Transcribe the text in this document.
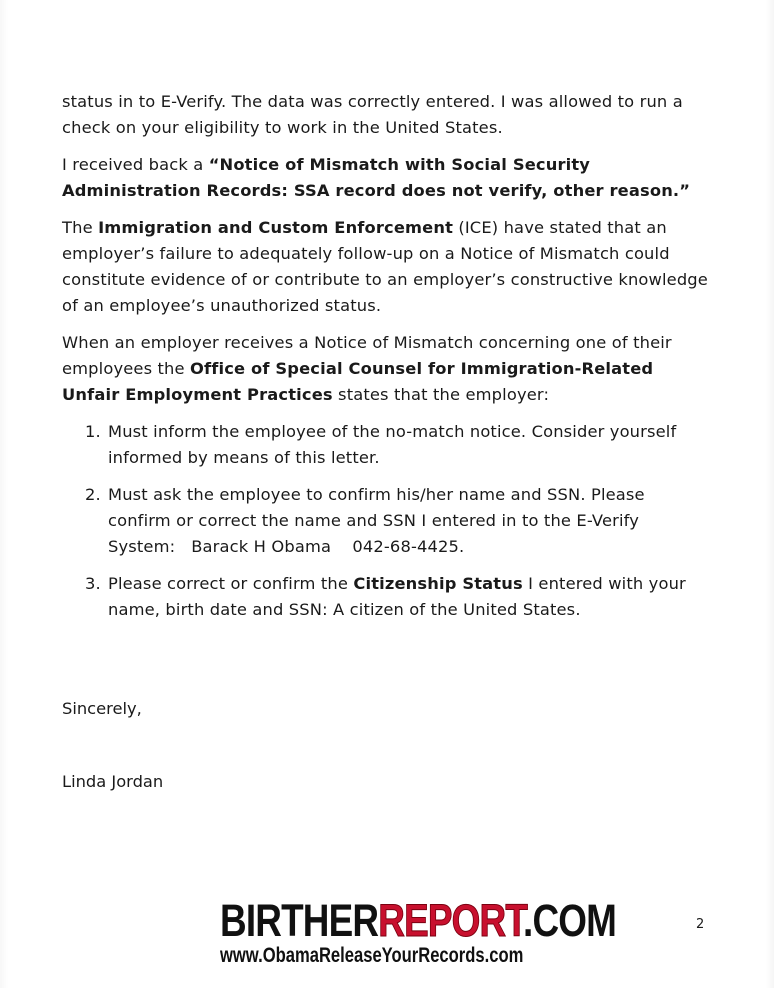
status in to E-Verify. The data was correctly entered. I was allowed to run a check on your eligibility to work in the United States.

I received back a “Notice of Mismatch with Social Security Administration Records: SSA record does not verify, other reason.”

The Immigration and Custom Enforcement (ICE) have stated that an employer’s failure to adequately follow-up on a Notice of Mismatch could constitute evidence of or contribute to an employer’s constructive knowledge of an employee’s unauthorized status.

When an employer receives a Notice of Mismatch concerning one of their employees the Office of Special Counsel for Immigration-Related Unfair Employment Practices states that the employer:

1. Must inform the employee of the no-match notice. Consider yourself informed by means of this letter.
2. Must ask the employee to confirm his/her name and SSN. Please
confirm or correct the name and SSN I entered in to the E-Verify
System:   Barack H Obama    042-68-4425.
3. Please correct or confirm the Citizenship Status I entered with your name, birth date and SSN: A citizen of the United States.
Sincerely,
Linda Jordan
BIRTHERREPORT.COM
www.ObamaReleaseYourRecords.com
2
